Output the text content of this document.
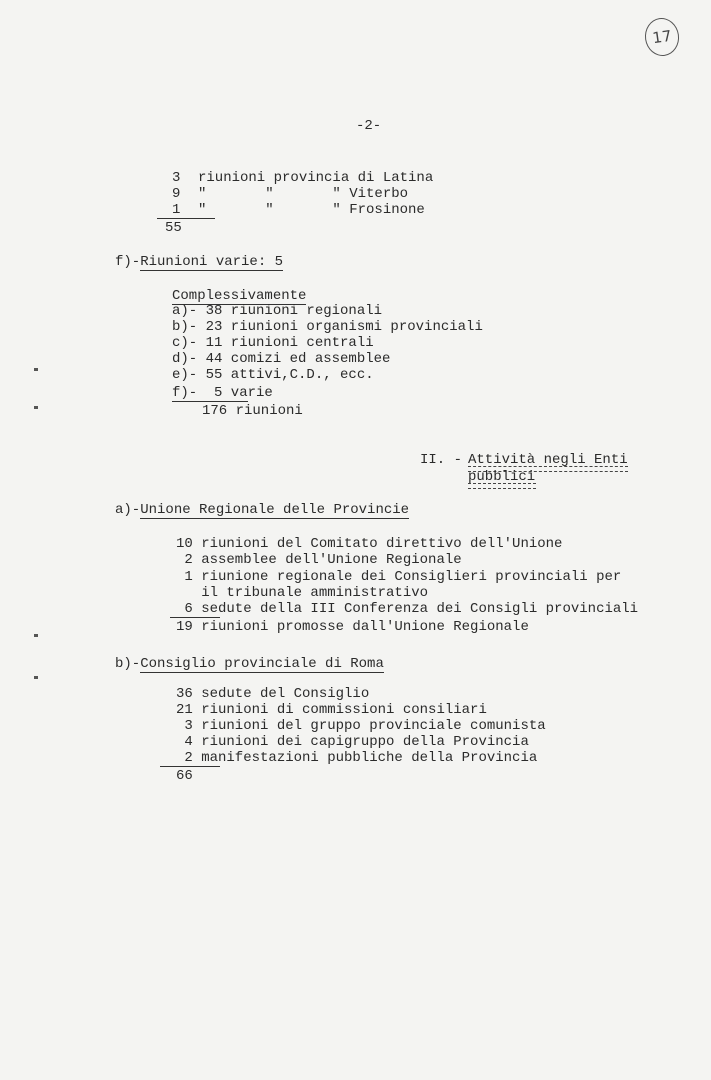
17
-2-
3 riunioni provincia di Latina
9 "       "       " Viterbo
1 "       "       " Frosinone
55
f)-Riunioni varie: 5
Complessivamente
a)- 38 riunioni regionali
b)- 23 riunioni organismi provinciali
c)- 11 riunioni centrali
d)- 44 comizi ed assemblee
e)- 55 attivi,C.D., ecc.
f)-  5 varie
176 riunioni
II. - Attività negli Enti
pubblici
a)-Unione Regionale delle Provincie
10 riunioni del Comitato direttivo dell'Unione
2 assemblee dell'Unione Regionale
1 riunione regionale dei Consiglieri provinciali per
il tribunale amministrativo
6 sedute della III Conferenza dei Consigli provinciali
19 riunioni promosse dall'Unione Regionale
b)-Consiglio provinciale di Roma
36 sedute del Consiglio
21 riunioni di commissioni consiliari
3 riunioni del gruppo provinciale comunista
4 riunioni dei capigruppo della Provincia
2 manifestazioni pubbliche della Provincia
66
